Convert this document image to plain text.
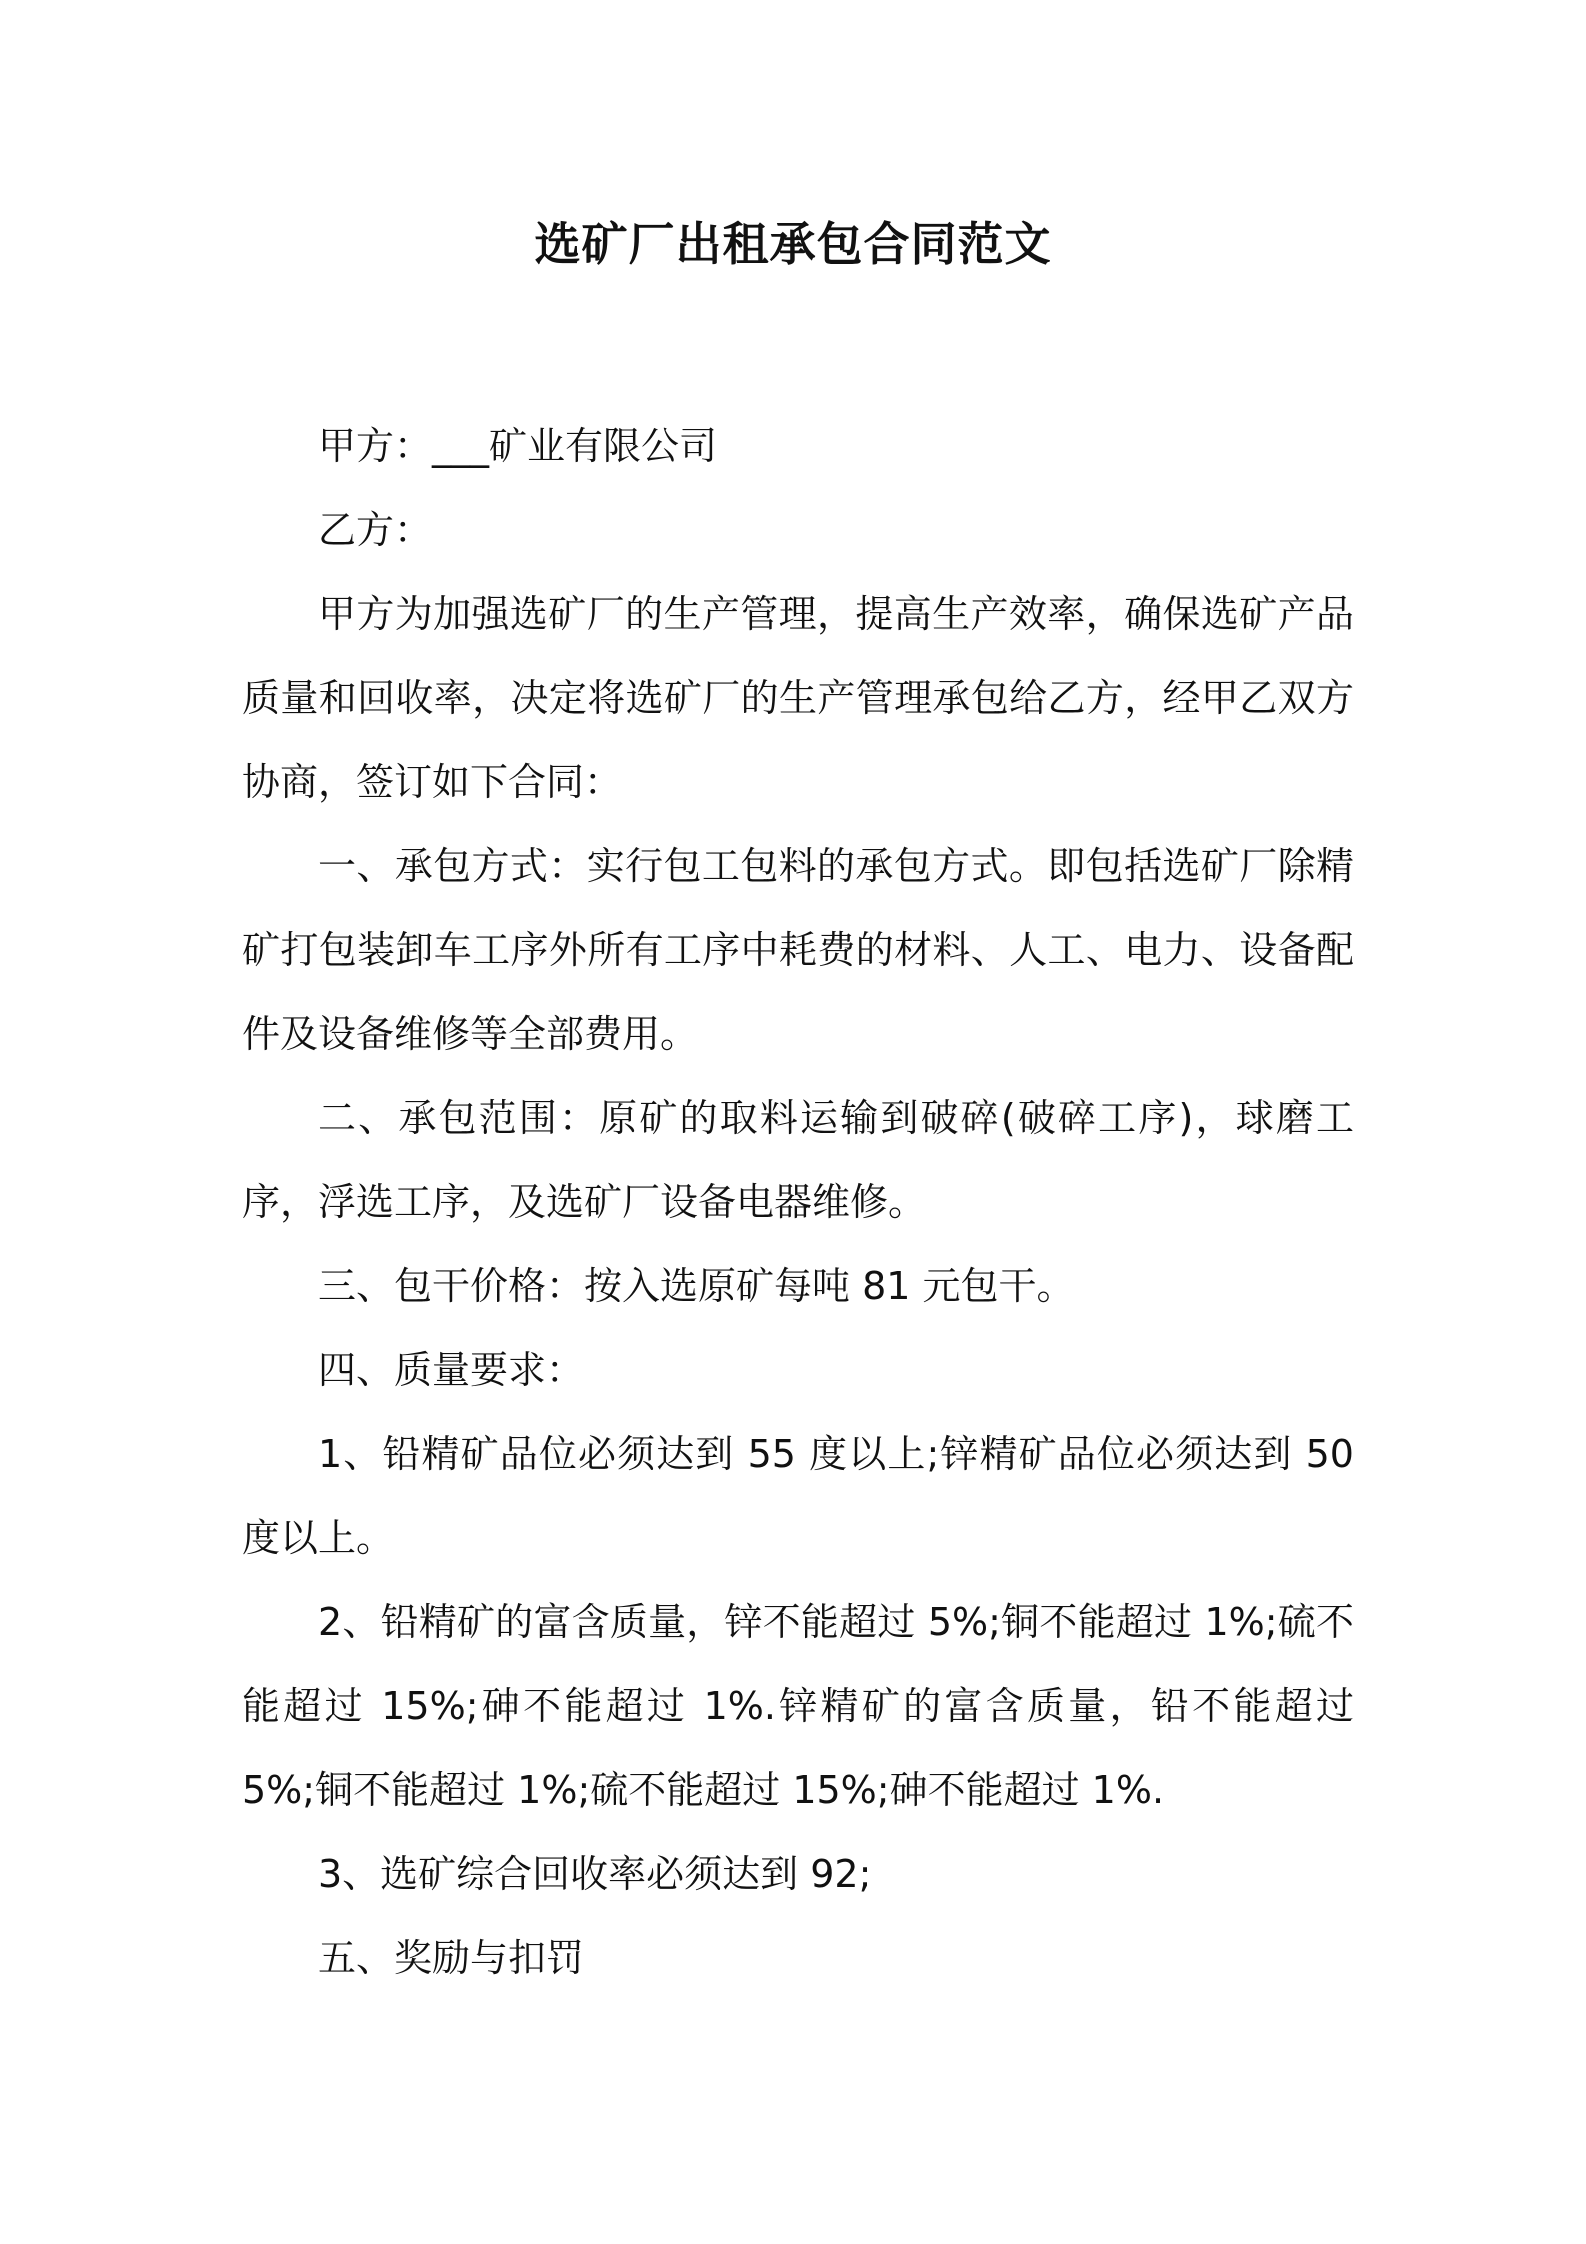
选矿厂出租承包合同范文

甲方：___矿业有限公司

乙方：

甲方为加强选矿厂的生产管理，提高生产效率，确保选矿产品质量和回收率，决定将选矿厂的生产管理承包给乙方，经甲乙双方协商，签订如下合同：

一、承包方式：实行包工包料的承包方式。即包括选矿厂除精矿打包装卸车工序外所有工序中耗费的材料、人工、电力、设备配件及设备维修等全部费用。

二、承包范围：原矿的取料运输到破碎(破碎工序)，球磨工序，浮选工序，及选矿厂设备电器维修。

三、包干价格：按入选原矿每吨 81 元包干。

四、质量要求：

1、铅精矿品位必须达到 55 度以上;锌精矿品位必须达到 50 度以上。

2、铅精矿的富含质量，锌不能超过 5%;铜不能超过 1%;硫不能超过 15%;砷不能超过 1%.锌精矿的富含质量，铅不能超过 5%;铜不能超过 1%;硫不能超过 15%;砷不能超过 1%.

3、选矿综合回收率必须达到 92;

五、奖励与扣罚
